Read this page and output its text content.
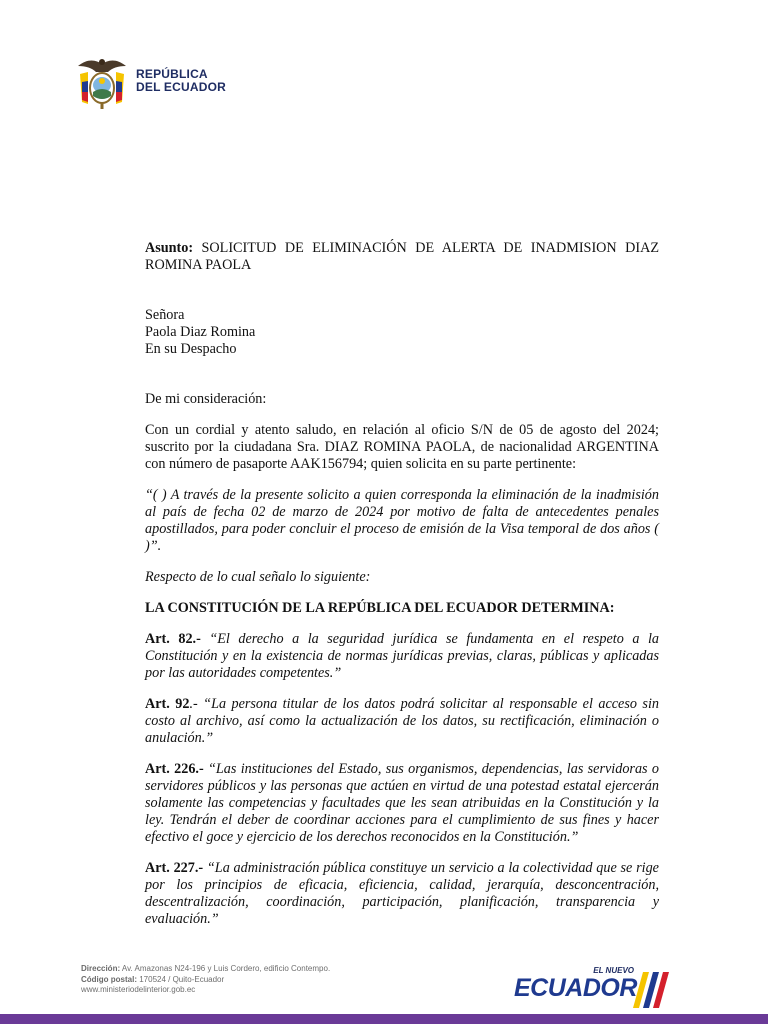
REPÚBLICA
DEL ECUADOR

Asunto: SOLICITUD DE ELIMINACIÓN DE ALERTA DE INADMISION DIAZ ROMINA PAOLA

Señora

Paola Diaz Romina

En su Despacho

De mi consideración:

Con un cordial y atento saludo, en relación al oficio S/N de 05 de agosto del 2024; suscrito por la ciudadana Sra. DIAZ ROMINA PAOLA, de nacionalidad ARGENTINA con número de pasaporte AAK156794; quien solicita en su parte pertinente:

“( ) A través de la presente solicito a quien corresponda la eliminación de la inadmisión al país de fecha 02 de marzo de 2024 por motivo de falta de antecedentes penales apostillados, para poder concluir el proceso de emisión de la Visa temporal de dos años ( )”.

Respecto de lo cual señalo lo siguiente:

LA CONSTITUCIÓN DE LA REPÚBLICA DEL ECUADOR DETERMINA:

Art. 82.- “El derecho a la seguridad jurídica se fundamenta en el respeto a la Constitución y en la existencia de normas jurídicas previas, claras, públicas y aplicadas por las autoridades competentes.”

Art. 92.- “La persona titular de los datos podrá solicitar al responsable el acceso sin costo al archivo, así como la actualización de los datos, su rectificación, eliminación o anulación.”

Art. 226.- “Las instituciones del Estado, sus organismos, dependencias, las servidoras o servidores públicos y las personas que actúen en virtud de una potestad estatal ejercerán solamente las competencias y facultades que les sean atribuidas en la Constitución y la ley. Tendrán el deber de coordinar acciones para el cumplimiento de sus fines y hacer efectivo el goce y ejercicio de los derechos reconocidos en la Constitución.”

Art. 227.- “La administración pública constituye un servicio a la colectividad que se rige por los principios de eficacia, eficiencia, calidad, jerarquía, desconcentración, descentralización, coordinación, participación, planificación, transparencia y evaluación.”

Dirección: Av. Amazonas N24-196 y Luis Cordero, edificio Contempo.
Código postal: 170524 / Quito-Ecuador
www.ministeriodelinterior.gob.ec
EL NUEVO
ECUADOR
